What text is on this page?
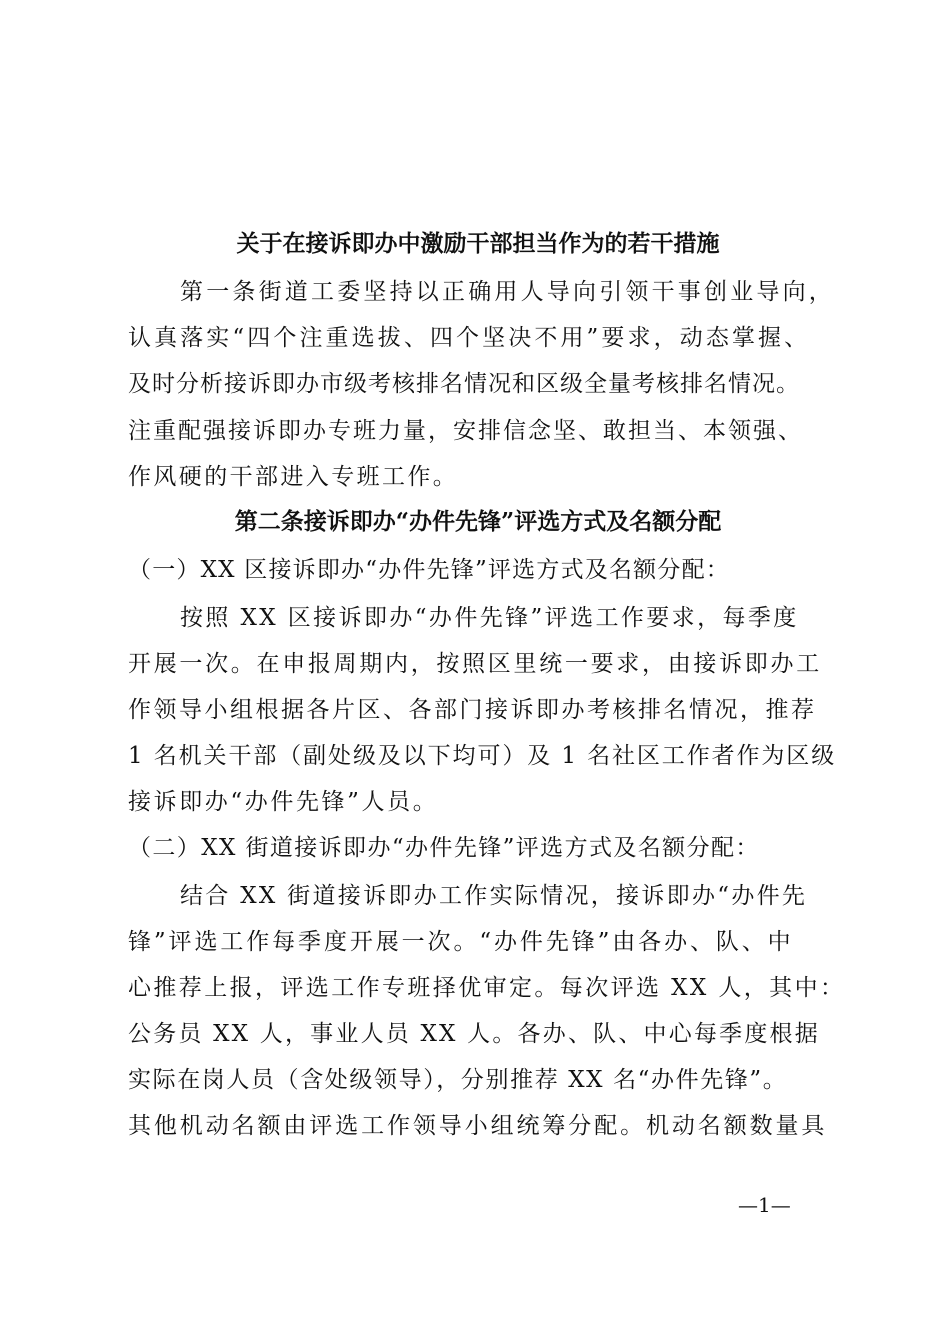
关于在接诉即办中激励干部担当作为的若干措施
第一条街道工委坚持以正确用人导向引领干事创业导向，
认真落实“四个注重选拔、四个坚决不用”要求，动态掌握、
及时分析接诉即办市级考核排名情况和区级全量考核排名情况。
注重配强接诉即办专班力量，安排信念坚、敢担当、本领强、
作风硬的干部进入专班工作。
第二条接诉即办“办件先锋”评选方式及名额分配
（一）XX 区接诉即办“办件先锋”评选方式及名额分配：
按照 XX 区接诉即办“办件先锋”评选工作要求，每季度
开展一次。在申报周期内，按照区里统一要求，由接诉即办工
作领导小组根据各片区、各部门接诉即办考核排名情况，推荐
1 名机关干部（副处级及以下均可）及 1 名社区工作者作为区级
接诉即办“办件先锋”人员。
（二）XX 街道接诉即办“办件先锋”评选方式及名额分配：
结合 XX 街道接诉即办工作实际情况，接诉即办“办件先
锋”评选工作每季度开展一次。“办件先锋”由各办、队、中
心推荐上报，评选工作专班择优审定。每次评选 XX 人，其中：
公务员 XX 人，事业人员 XX 人。各办、队、中心每季度根据
实际在岗人员（含处级领导），分别推荐 XX 名“办件先锋”。
其他机动名额由评选工作领导小组统筹分配。机动名额数量具
—1—
